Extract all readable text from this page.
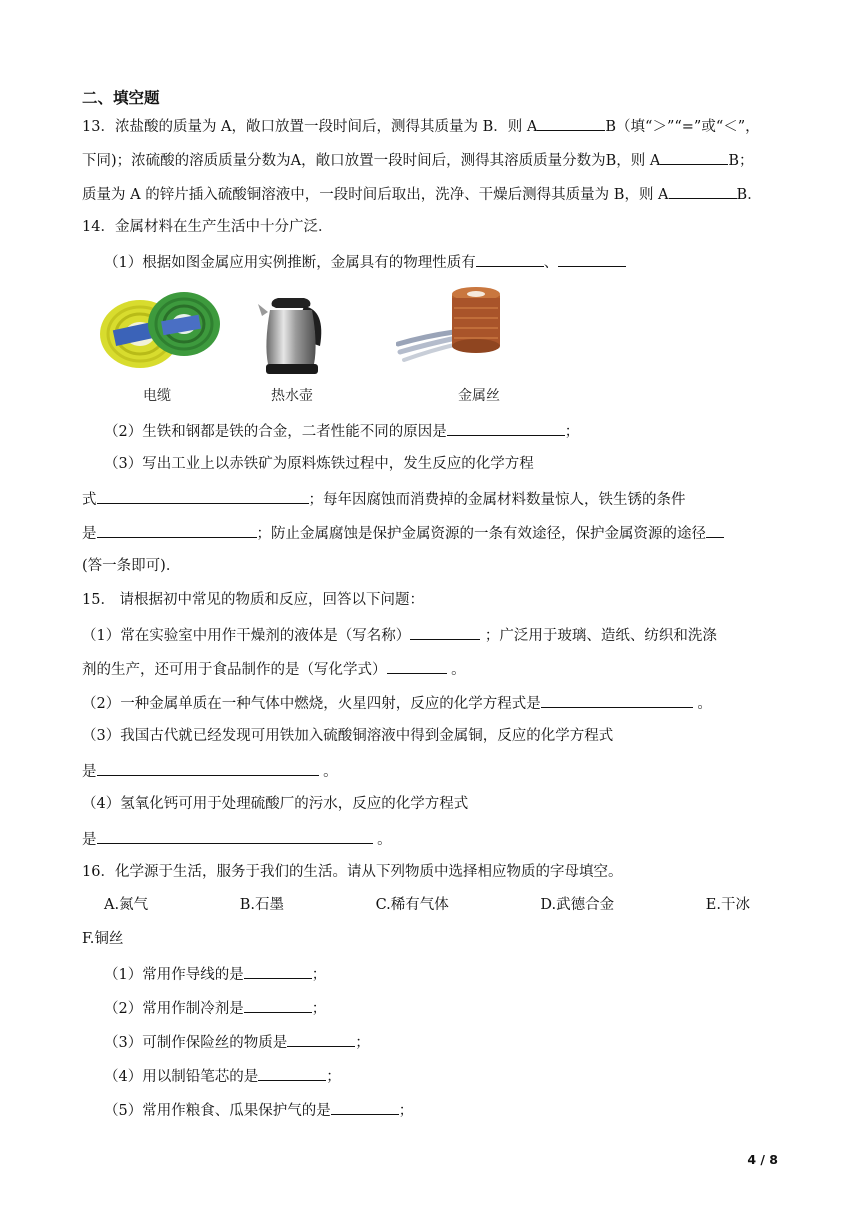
二、填空题
13．浓盐酸的质量为 A，敞口放置一段时间后，测得其质量为 B．则 A	B（填“＞”“=”或“＜”，
下同)；浓硫酸的溶质质量分数为A，敞口放置一段时间后，测得其溶质质量分数为B，则 A	B；
质量为 A 的锌片插入硫酸铜溶液中，一段时间后取出，洗净、干燥后测得其质量为 B，则 A	B．
14．金属材料在生产生活中十分广泛．
（1）根据如图金属应用实例推断，金属具有的物理性质有	、
电缆	热水壶	金属丝
（2）生铁和钢都是铁的合金，二者性能不同的原因是	；
（3）写出工业上以赤铁矿为原料炼铁过程中，发生反应的化学方程
式	；每年因腐蚀而消费掉的金属材料数量惊人，铁生锈的条件
是	；防止金属腐蚀是保护金属资源的一条有效途径，保护金属资源的途径
(答一条即可)．
15． 请根据初中常见的物质和反应，回答以下问题：
（1）常在实验室中用作干燥剂的液体是（写名称）	；广泛用于玻璃、造纸、纺织和洗涤
剂的生产，还可用于食品制作的是（写化学式）	。
（2）一种金属单质在一种气体中燃烧，火星四射，反应的化学方程式是	。
（3）我国古代就已经发现可用铁加入硫酸铜溶液中得到金属铜，反应的化学方程式
是	。
（4）氢氧化钙可用于处理硫酸厂的污水，反应的化学方程式
是	。
16．化学源于生活，服务于我们的生活。请从下列物质中选择相应物质的字母填空。
A.氮气	B.石墨	C.稀有气体	D.武德合金	E.干冰
F.铜丝
（1）常用作导线的是	；
（2）常用作制冷剂是	；
（3）可制作保险丝的物质是	；
（4）用以制铅笔芯的是	；
（5）常用作粮食、瓜果保护气的是	；
4 / 8
